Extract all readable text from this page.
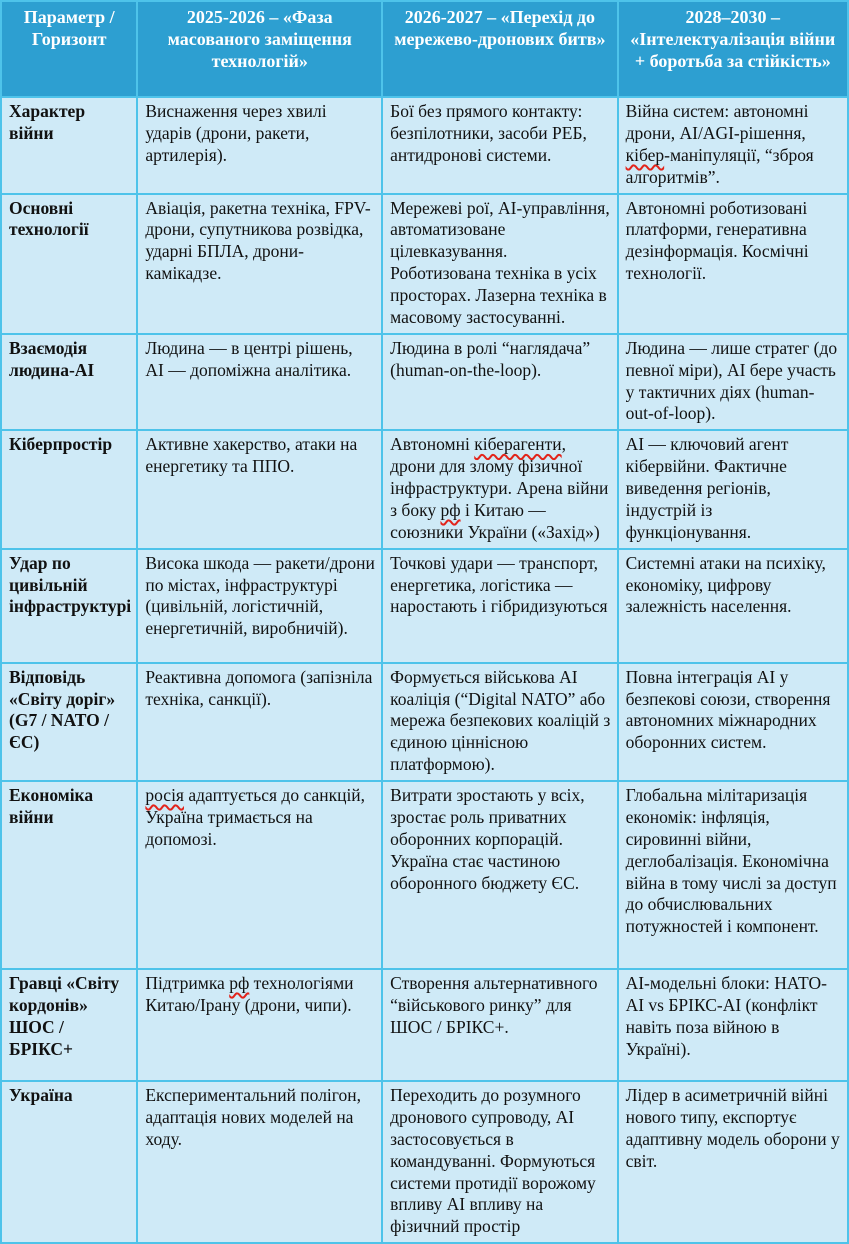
Параметр / Горизонт	2025-2026 – «Фаза масованого заміщення технологій»	2026-2027 – «Перехід до мережево-дронових битв»	2028–2030 – «Інтелектуалізація війни + боротьба за стійкість»
Характер війни	Виснаження через хвилі ударів (дрони, ракети, артилерія).	Бої без прямого контакту: безпілотники, засоби РЕБ, антидронові системи.	Війна систем: автономні дрони, AI/AGI-рішення, кібер-маніпуляції, “зброя алгоритмів”.
Основні технології	Авіація, ракетна техніка, FPV-дрони, супутникова розвідка, ударні БПЛА, дрони-камікадзе.	Мережеві рої, AI-управління, автоматизоване цілевказування. Роботизована техніка в усіх просторах. Лазерна техніка в масовому застосуванні.	Автономні роботизовані платформи, генеративна дезінформація. Космічні технології.
Взаємодія людина-AI	Людина — в центрі рішень, AI — допоміжна аналітика.	Людина в ролі “наглядача” (human-on-the-loop).	Людина — лише стратег (до певної міри), AI бере участь у тактичних діях (human-out-of-loop).
Кіберпростір	Активне хакерство, атаки на енергетику та ППО.	Автономні кіберагенти, дрони для злому фізичної інфраструктури. Арена війни з боку рф і Китаю — союзники України («Захід»)	AI — ключовий агент кібервійни. Фактичне виведення регіонів, індустрій із функціонування.
Удар по цивільній інфраструктурі	Висока шкода — ракети/дрони по містах, інфраструктурі (цивільній, логістичній, енергетичній, виробничій).	Точкові удари — транспорт, енергетика, логістика — наростають і гібридизуються	Системні атаки на психіку, економіку, цифрову залежність населення.
Відповідь «Світу доріг» (G7 / NATO / ЄС)	Реактивна допомога (запізніла техніка, санкції).	Формується військова AI коаліція (“Digital NATO” або мережа безпекових коаліцій з єдиною ціннісною платформою).	Повна інтеграція AI у безпекові союзи, створення автономних міжнародних оборонних систем.
Економіка війни	росія адаптується до санкцій, Україна тримається на допомозі.	Витрати зростають у всіх, зростає роль приватних оборонних корпорацій. Україна стає частиною оборонного бюджету ЄС.	Глобальна мілітаризація економік: інфляція, сировинні війни, деглобалізація. Економічна війна в тому числі за доступ до обчислювальних потужностей і компонент.
Гравці «Світу кордонів» ШОС / БРІКС+	Підтримка рф технологіями Китаю/Ірану (дрони, чипи).	Створення альтернативного “військового ринку” для ШОС / БРІКС+.	AI-модельні блоки: НАТО-AI vs БРІКС-AI (конфлікт навіть поза війною в Україні).
Україна	Експериментальний полігон, адаптація нових моделей на ходу.	Переходить до розумного дронового супроводу, AI застосовується в командуванні. Формуються системи протидії ворожому впливу AI впливу на фізичний простір	Лідер в асиметричній війні нового типу, експортує адаптивну модель оборони у світ.
